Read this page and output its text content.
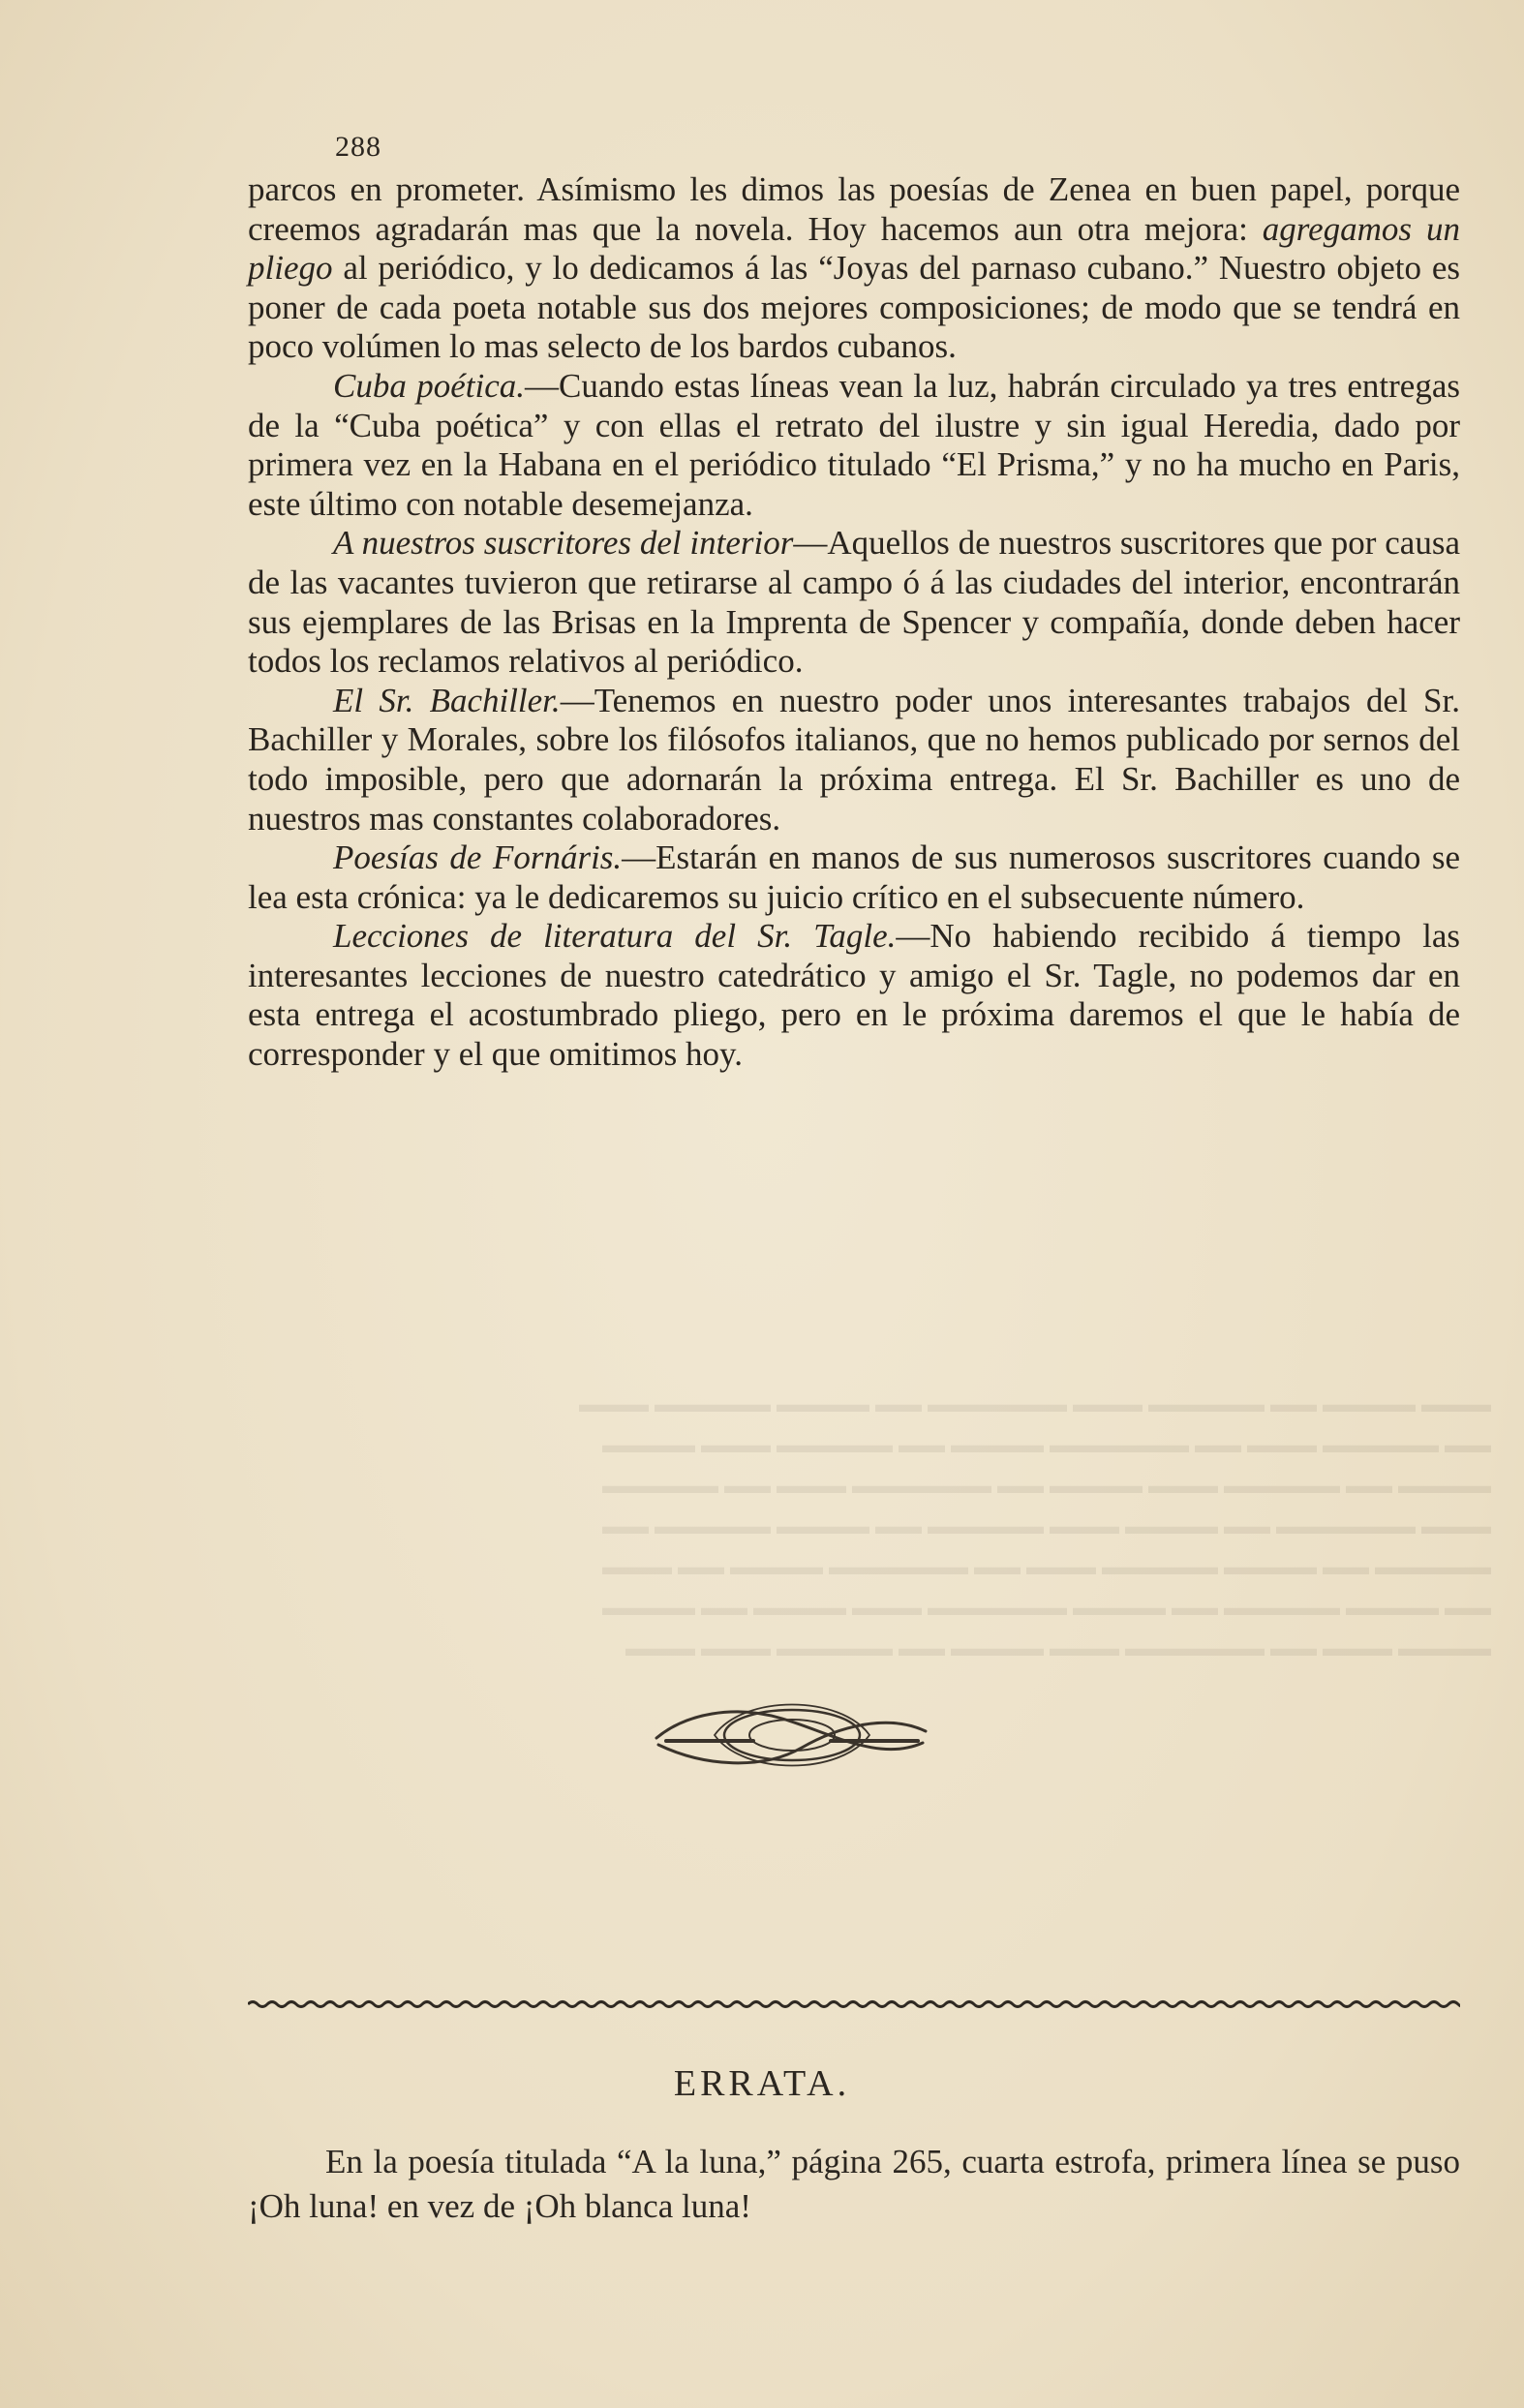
▬▬▬ ▬▬▬▬ ▬▬ ▬▬▬▬▬ ▬▬▬ ▬▬▬▬▬▬ ▬▬ ▬▬▬▬ ▬▬▬▬▬ ▬▬▬
▬▬ ▬▬▬▬▬ ▬▬▬ ▬▬ ▬▬▬▬▬▬ ▬▬▬▬ ▬▬ ▬▬▬▬▬ ▬▬▬ ▬▬▬▬
▬▬▬▬ ▬▬ ▬▬▬▬▬ ▬▬▬ ▬▬▬▬ ▬▬ ▬▬▬▬▬▬ ▬▬▬ ▬▬ ▬▬▬▬▬
▬▬▬ ▬▬▬▬▬▬ ▬▬ ▬▬▬▬ ▬▬▬ ▬▬▬▬▬ ▬▬ ▬▬▬▬ ▬▬▬▬▬ ▬▬
▬▬▬▬▬ ▬▬ ▬▬▬▬ ▬▬▬▬▬ ▬▬▬ ▬▬ ▬▬▬▬▬▬ ▬▬▬▬ ▬▬ ▬▬▬
▬▬ ▬▬▬▬ ▬▬▬▬▬ ▬▬ ▬▬▬▬ ▬▬▬▬▬▬ ▬▬▬ ▬▬▬▬ ▬▬ ▬▬▬▬
▬▬▬▬ ▬▬▬ ▬▬ ▬▬▬▬▬▬ ▬▬▬ ▬▬▬▬ ▬▬ ▬▬▬▬▬ ▬▬▬ ▬▬▬
288

parcos en prometer. Asímismo les dimos las poesías de Zenea en buen papel, porque creemos agradarán mas que la novela. Hoy hacemos aun otra mejora: agregamos un pliego al periódico, y lo dedicamos á las “Joyas del parnaso cubano.” Nuestro objeto es poner de cada poeta notable sus dos mejores composiciones; de modo que se tendrá en poco volúmen lo mas selecto de los bardos cubanos.

Cuba poética.—Cuando estas líneas vean la luz, habrán circulado ya tres entregas de la “Cuba poética” y con ellas el retrato del ilustre y sin igual Heredia, dado por primera vez en la Habana en el periódico titulado “El Prisma,” y no ha mucho en Paris, este último con notable desemejanza.

A nuestros suscritores del interior—Aquellos de nuestros suscritores que por causa de las vacantes tuvieron que retirarse al campo ó á las ciudades del interior, encontrarán sus ejemplares de las Brisas en la Imprenta de Spencer y compañía, donde deben hacer todos los reclamos relativos al periódico.

El Sr. Bachiller.—Tenemos en nuestro poder unos interesantes trabajos del Sr. Bachiller y Morales, sobre los filósofos italianos, que no hemos publicado por sernos del todo imposible, pero que adornarán la próxima entrega. El Sr. Bachiller es uno de nuestros mas constantes colaboradores.

Poesías de Fornáris.—Estarán en manos de sus numerosos suscritores cuando se lea esta crónica: ya le dedicaremos su juicio crítico en el subsecuente número.

Lecciones de literatura del Sr. Tagle.—No habiendo recibido á tiempo las interesantes lecciones de nuestro catedrático y amigo el Sr. Tagle, no podemos dar en esta entrega el acostumbrado pliego, pero en le próxima daremos el que le había de corresponder y el que omitimos hoy.

ERRATA.

En la poesía titulada “A la luna,” página 265, cuarta estrofa, primera línea se puso ¡Oh luna! en vez de ¡Oh blanca luna!
